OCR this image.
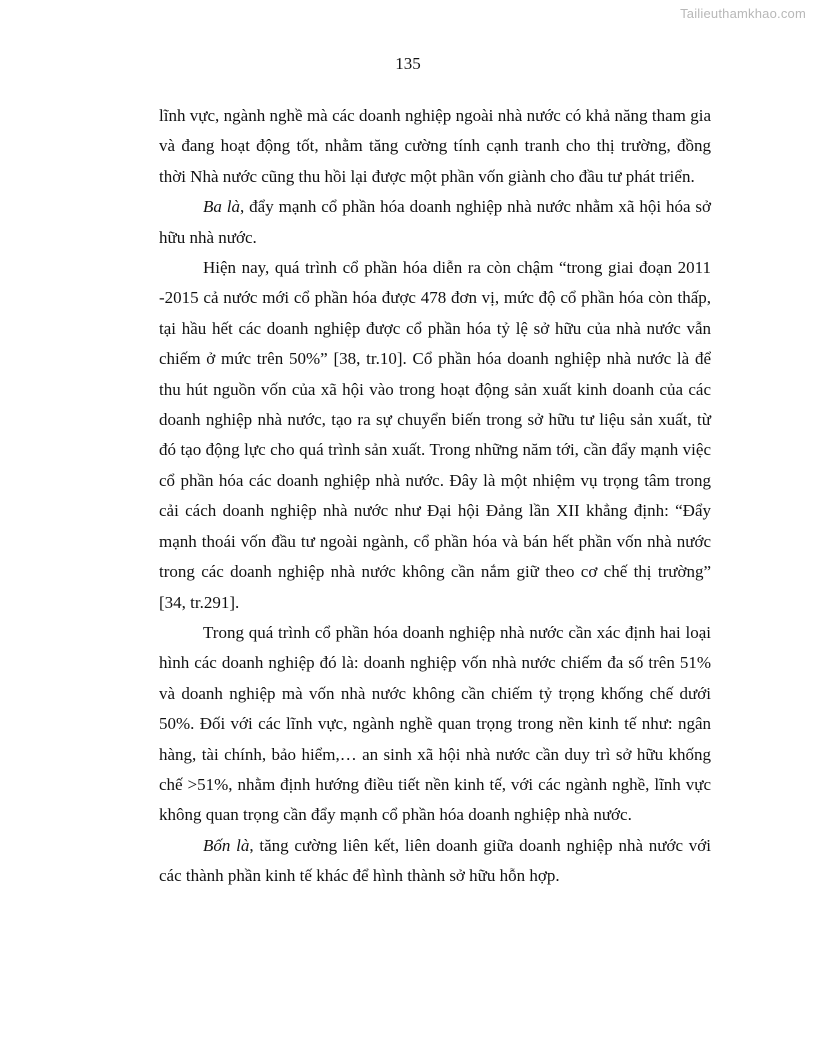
Tailieuthamkhao.com
135

lĩnh vực, ngành nghề mà các doanh nghiệp ngoài nhà nước có khả năng tham gia và đang hoạt động tốt, nhằm tăng cường tính cạnh tranh cho thị trường, đồng thời Nhà nước cũng thu hồi lại được một phần vốn giành cho đầu tư phát triển.

Ba là, đẩy mạnh cổ phần hóa doanh nghiệp nhà nước nhằm xã hội hóa sở hữu nhà nước.

Hiện nay, quá trình cổ phần hóa diễn ra còn chậm “trong giai đoạn 2011 -2015 cả nước mới cổ phần hóa được 478 đơn vị, mức độ cổ phần hóa còn thấp, tại hầu hết các doanh nghiệp được cổ phần hóa tỷ lệ sở hữu của nhà nước vẫn chiếm ở mức trên 50%” [38, tr.10]. Cổ phần hóa doanh nghiệp nhà nước là để thu hút nguồn vốn của xã hội vào trong hoạt động sản xuất kinh doanh của các doanh nghiệp nhà nước, tạo ra sự chuyển biến trong sở hữu tư liệu sản xuất, từ đó tạo động lực cho quá trình sản xuất. Trong những năm tới, cần đẩy mạnh việc cổ phần hóa các doanh nghiệp nhà nước. Đây là một nhiệm vụ trọng tâm trong cải cách doanh nghiệp nhà nước như Đại hội Đảng lần XII khẳng định: “Đẩy mạnh thoái vốn đầu tư ngoài ngành, cổ phần hóa và bán hết phần vốn nhà nước trong các doanh nghiệp nhà nước không cần nắm giữ theo cơ chế thị trường” [34, tr.291].

Trong quá trình cổ phần hóa doanh nghiệp nhà nước cần xác định hai loại hình các doanh nghiệp đó là: doanh nghiệp vốn nhà nước chiếm đa số trên 51% và doanh nghiệp mà vốn nhà nước không cần chiếm tỷ trọng khống chế dưới 50%. Đối với các lĩnh vực, ngành nghề quan trọng trong nền kinh tế như: ngân hàng, tài chính, bảo hiểm,… an sinh xã hội nhà nước cần duy trì sở hữu khống chế >51%, nhằm định hướng điều tiết nền kinh tế, với các ngành nghề, lĩnh vực không quan trọng cần đẩy mạnh cổ phần hóa doanh nghiệp nhà nước.

Bốn là, tăng cường liên kết, liên doanh giữa doanh nghiệp nhà nước với các thành phần kinh tế khác để hình thành sở hữu hỗn hợp.
